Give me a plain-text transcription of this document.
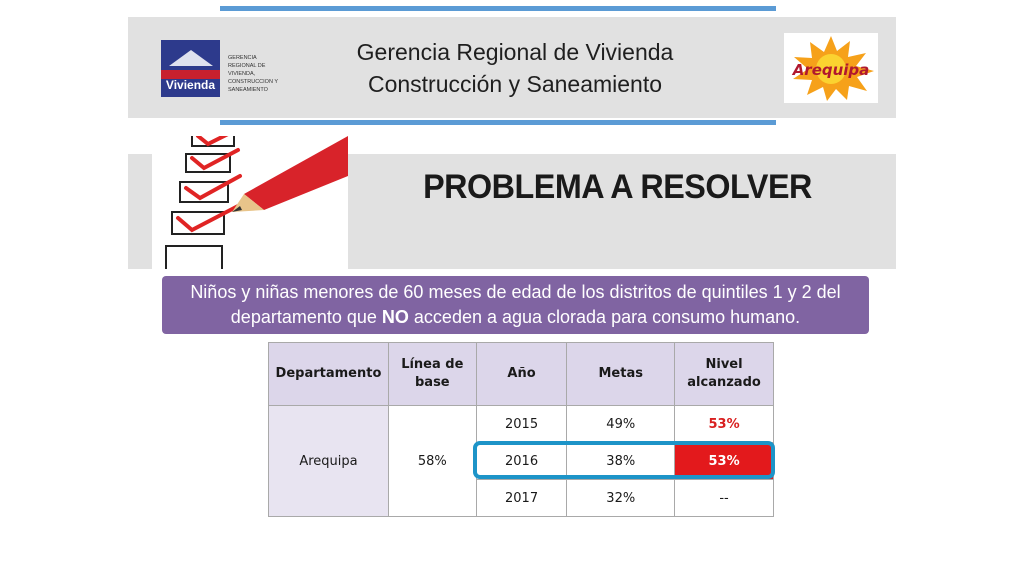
Vivienda
GERENCIA
REGIONAL DE
VIVIENDA,
CONSTRUCCION Y
SANEAMIENTO
Gerencia Regional de Vivienda
Construcción y Saneamiento
Arequipa
PROBLEMA A RESOLVER
Niños y niñas menores de 60 meses de edad de los distritos de quintiles 1 y 2 del departamento que NO acceden a agua clorada para consumo humano.
Departamento	Línea de base	Año	Metas	Nivel alcanzado
Arequipa	58%	2015	49%	53%
		2016	38%	53%
		2017	32%	--
